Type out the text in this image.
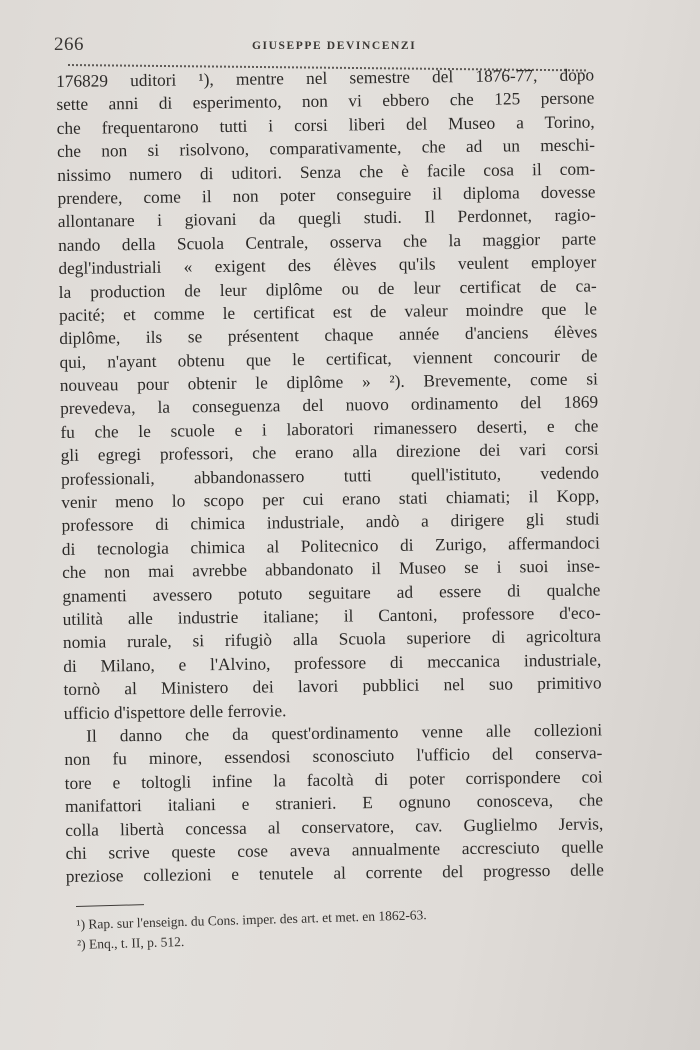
266	GIUSEPPE DEVINCENZI
176829 uditori ¹), mentre nel semestre del 1876-77, dopo
sette anni di esperimento, non vi ebbero che 125 persone
che frequentarono tutti i corsi liberi del Museo a Torino,
che non si risolvono, comparativamente, che ad un meschi-
nissimo numero di uditori. Senza che è facile cosa il com-
prendere, come il non poter conseguire il diploma dovesse
allontanare i giovani da quegli studi. Il Perdonnet, ragio-
nando della Scuola Centrale, osserva che la maggior parte
degl'industriali « exigent des élèves qu'ils veulent employer
la production de leur diplôme ou de leur certificat de ca-
pacité; et comme le certificat est de valeur moindre que le
diplôme, ils se présentent chaque année d'anciens élèves
qui, n'ayant obtenu que le certificat, viennent concourir de
nouveau pour obtenir le diplôme » ²). Brevemente, come si
prevedeva, la conseguenza del nuovo ordinamento del 1869
fu che le scuole e i laboratori rimanessero deserti, e che
gli egregi professori, che erano alla direzione dei vari corsi
professionali, abbandonassero tutti quell'istituto, vedendo
venir meno lo scopo per cui erano stati chiamati; il Kopp,
professore di chimica industriale, andò a dirigere gli studi
di tecnologia chimica al Politecnico di Zurigo, affermandoci
che non mai avrebbe abbandonato il Museo se i suoi inse-
gnamenti avessero potuto seguitare ad essere di qualche
utilità alle industrie italiane; il Cantoni, professore d'eco-
nomia rurale, si rifugiò alla Scuola superiore di agricoltura
di Milano, e l'Alvino, professore di meccanica industriale,
tornò al Ministero dei lavori pubblici nel suo primitivo
ufficio d'ispettore delle ferrovie.
Il danno che da quest'ordinamento venne alle collezioni
non fu minore, essendosi sconosciuto l'ufficio del conserva-
tore e toltogli infine la facoltà di poter corrispondere coi
manifattori italiani e stranieri. E ognuno conosceva, che
colla libertà concessa al conservatore, cav. Guglielmo Jervis,
chi scrive queste cose aveva annualmente accresciuto quelle
preziose collezioni e tenutele al corrente del progresso delle
¹) Rap. sur l'enseign. du Cons. imper. des art. et met. en 1862-63.
²) Enq., t. II, p. 512.
